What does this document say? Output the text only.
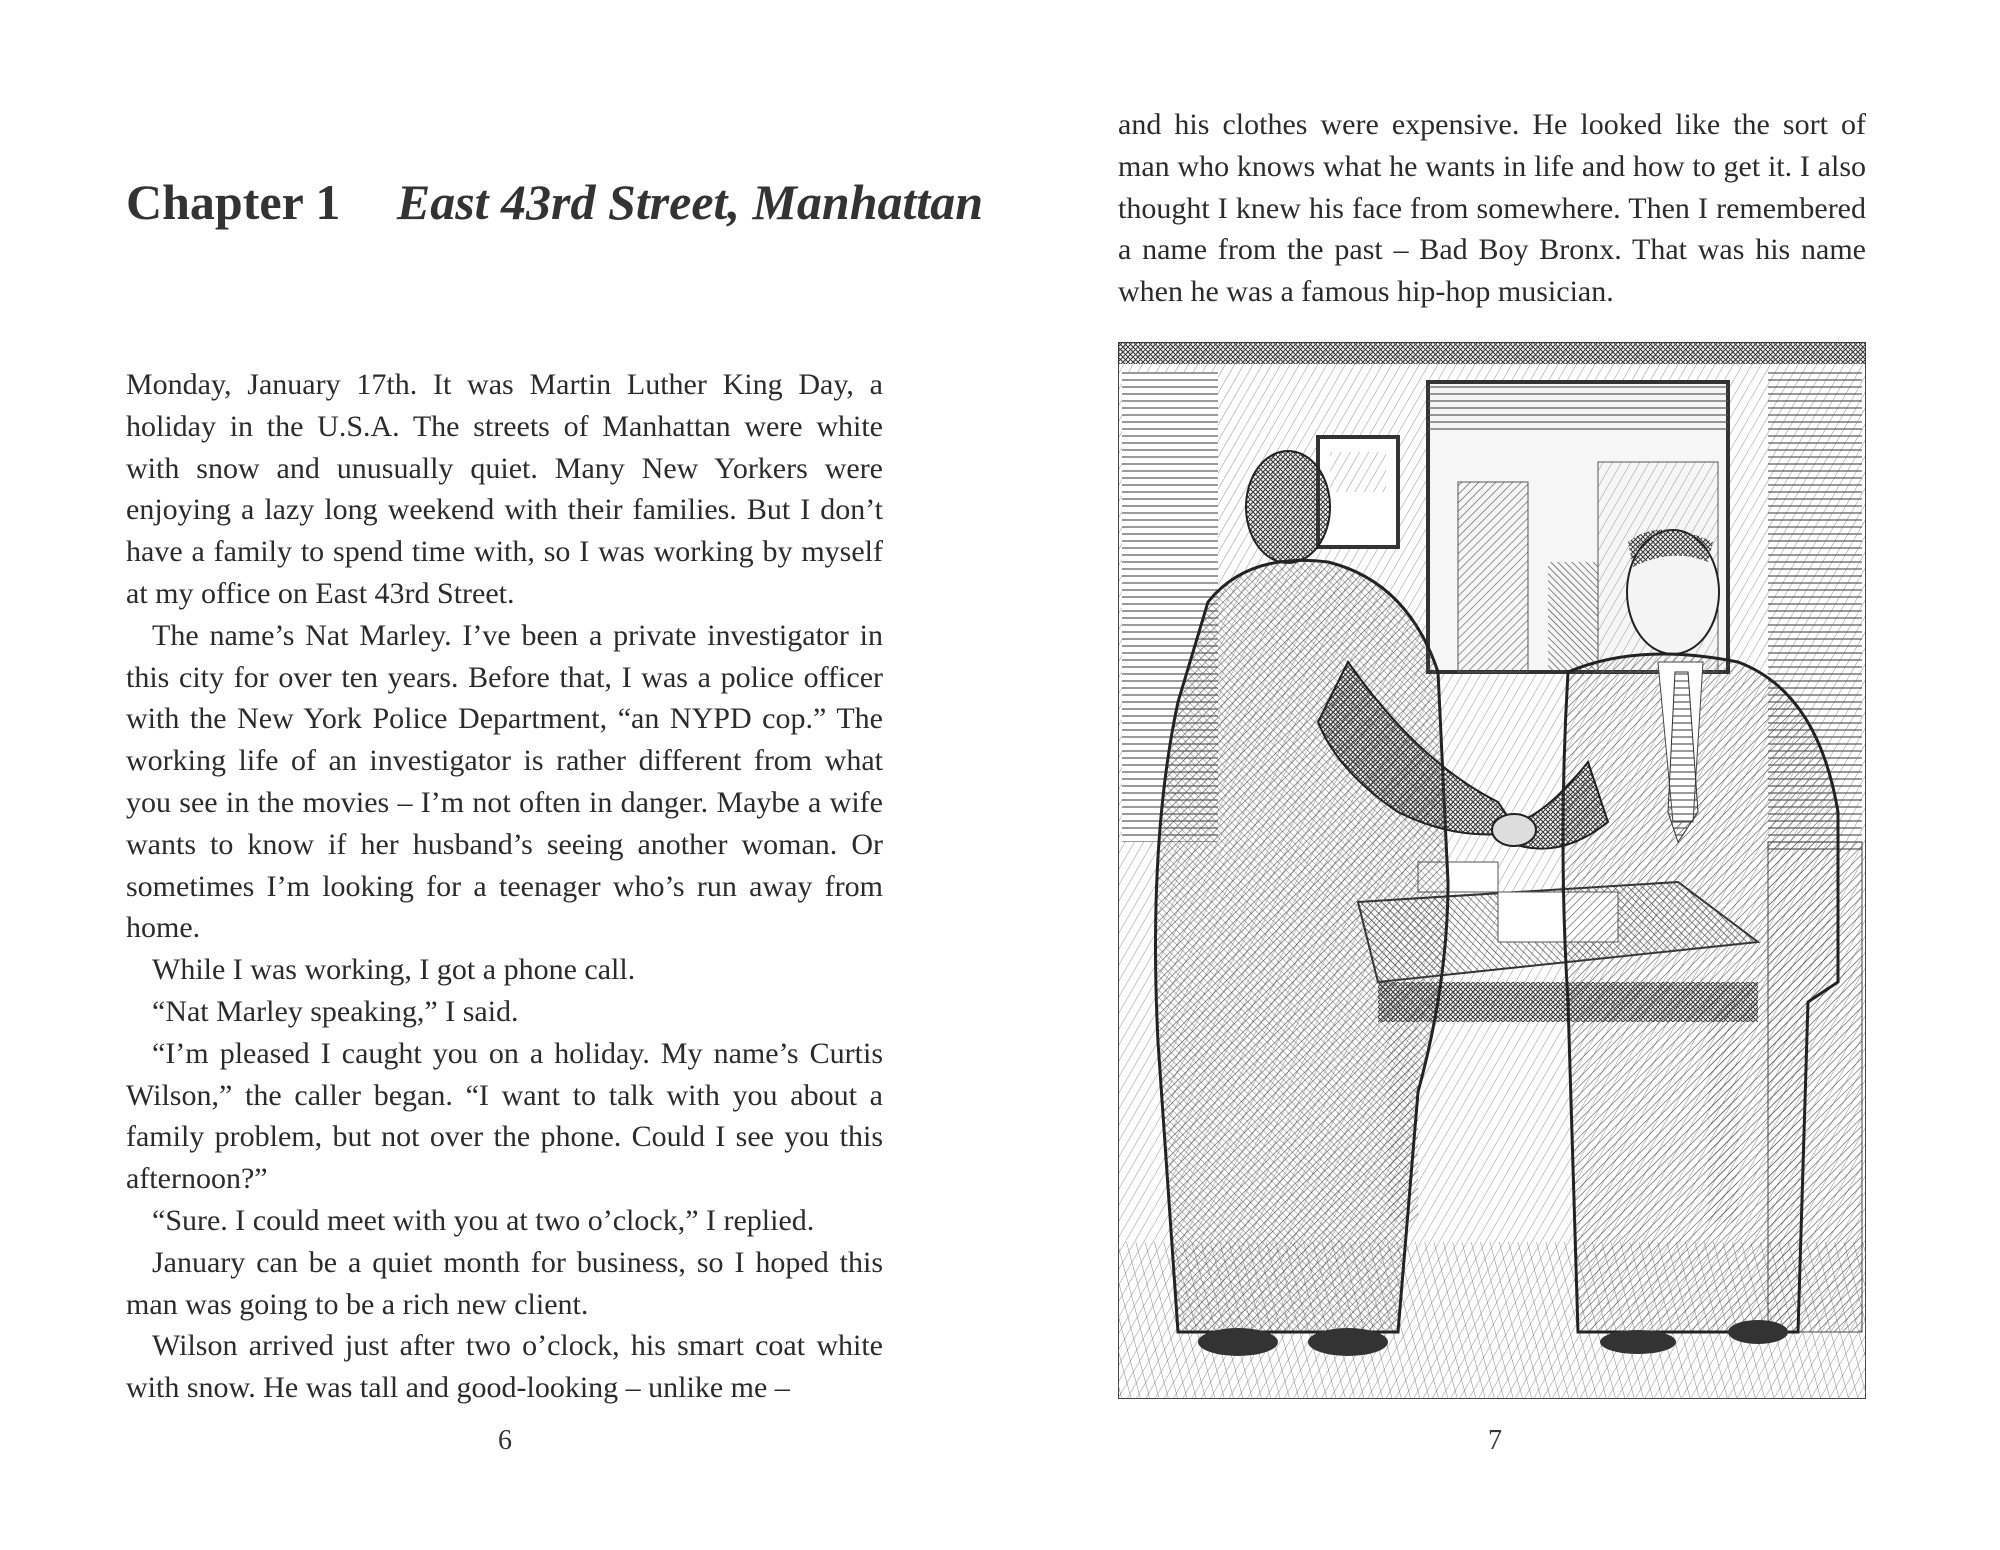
Chapter 1 East 43rd Street, Manhattan

Monday, January 17th. It was Martin Luther King Day, a holiday in the U.S.A. The streets of Manhattan were white with snow and unusually quiet. Many New Yorkers were enjoying a lazy long weekend with their families. But I don’t have a family to spend time with, so I was working by myself at my office on East 43rd Street.

The name’s Nat Marley. I’ve been a private investigator in this city for over ten years. Before that, I was a police officer with the New York Police Department, “an NYPD cop.” The working life of an investigator is rather different from what you see in the movies – I’m not often in danger. Maybe a wife wants to know if her husband’s seeing another woman. Or sometimes I’m looking for a teenager who’s run away from home.

While I was working, I got a phone call.

“Nat Marley speaking,” I said.

“I’m pleased I caught you on a holiday. My name’s Curtis Wilson,” the caller began. “I want to talk with you about a family problem, but not over the phone. Could I see you this afternoon?”

“Sure. I could meet with you at two o’clock,” I replied.

January can be a quiet month for business, so I hoped this man was going to be a rich new client.

Wilson arrived just after two o’clock, his smart coat white with snow. He was tall and good-looking – unlike me –

6

and his clothes were expensive. He looked like the sort of man who knows what he wants in life and how to get it. I also thought I knew his face from somewhere. Then I remembered a name from the past – Bad Boy Bronx. That was his name when he was a famous hip-hop musician.

7
